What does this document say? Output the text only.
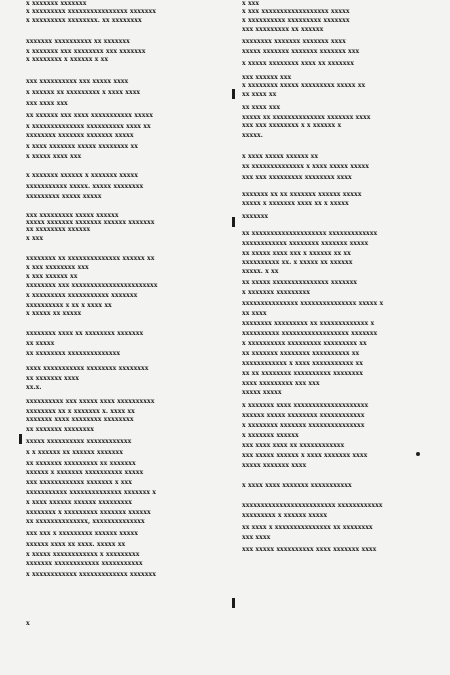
x xxxxxxx xxxxxxx
x xxxxxxxxx xxxxxxxxxxxxxxxx xxxxxxx
x xxxxxxxxx xxxxxxxx. xx xxxxxxxx
xxxxxxx xxxxxxxxxx xx xxxxxxx
x xxxxxxx xxx xxxxxxxx xxx xxxxxxx
x xxxxxxxx x xxxxxx x xx
xxx xxxxxxxxxx xxx xxxxx xxxx
x xxxxxx xx xxxxxxxxx x xxxx xxxx
xxx xxxx xxx
xx xxxxxx xxx xxxx xxxxxxxxxxx xxxxx
x xxxxxxxxxxxxxx xxxxxxxxxx xxxx xx
xxxxxxxx xxxxxxx xxxxxxx xxxxx
x xxxx xxxxxxx xxxxx xxxxxxxx xx
x xxxxx xxxx xxx
x xxxxxxx xxxxxx x xxxxxxx xxxxx
xxxxxxxxxxx xxxxx. xxxxx xxxxxxxx
xxxxxxxxx xxxxx xxxxx
xxx xxxxxxxxx xxxxx xxxxxx
xxxxx xxxxxxx xxxxxxx xxxxxx xxxxxxx
xx xxxxxxxx xxxxxx
x xxx
xxxxxxxx xx xxxxxxxxxxxxxx xxxxxx xx
x xxx xxxxxxxx xxx
x xxx xxxxxx xx
xxxxxxxx xxx xxxxxxxxxxxxxxxxxxxxxxx
x xxxxxxxxx xxxxxxxxxxx xxxxxxx
xxxxxxxxxx x xx x xxxx xx
x xxxxx xx xxxxx
xxxxxxxx xxxx xx xxxxxxxx xxxxxxx
xx xxxxx
xx xxxxxxxx xxxxxxxxxxxxxx
xxxx xxxxxxxxxxx xxxxxxxx xxxxxxxx
xx xxxxxxx xxxx
xx.x.
xxxxxxxxxx xxx xxxxx xxxx xxxxxxxxxx
xxxxxxxx xx x xxxxxxx x. xxxx xx
xxxxxxx xxxx xxxxxxxx xxxxxxxx
xx xxxxxxx xxxxxxxx
xxxxx xxxxxxxxxx xxxxxxxxxxxx
x x xxxxxx xx xxxxxx xxxxxxx
xx xxxxxxx xxxxxxxxx xx xxxxxxx
xxxxxx x xxxxxxx xxxxxxxxxx xxxxx
xxx xxxxxxxxxxxx xxxxxxx x xxx
xxxxxxxxxxx xxxxxxxxxxxxxx xxxxxxx x
x xxxx xxxxxx xxxxxx xxxxxxxxx
xxxxxxxx x xxxxxxxxx xxxxxxx xxxxxx
xx xxxxxxxxxxxxxx, xxxxxxxxxxxxxx
xxx xxx x xxxxxxxxx xxxxxx xxxxx
xxxxxx xxxx xx xxxx. xxxxx xx
x xxxxx xxxxxxxxxxxx x xxxxxxxxx
xxxxxxx xxxxxxxxxxxx xxxxxxxxxxx
x xxxxxxxxxxxx xxxxxxxxxxxxx xxxxxxx
x
x xxx
x xxx xxxxxxxxxxxxxxxxxx xxxxx
x xxxxxxxxxx xxxxxxxxx xxxxxxx
xxx xxxxxxxxx xx xxxxxx
xxxxxxxx xxxxxxx xxxxxxx xxxx
xxxxx xxxxxxx xxxxxxx xxxxxxx xxx
x xxxxx xxxxxxxx xxxx xx xxxxxxx
xxx xxxxxx xxx
x xxxxxxxx xxxxx xxxxxxxxx xxxxx xx
xx xxxx xx
xx xxxx xxx
xxxxx xx xxxxxxxxxxxxxx xxxxxxx xxxx
xxx xxx xxxxxxxx x x xxxxxx x
xxxxx.
x xxxx xxxxx xxxxxx xx
xx xxxxxxxxxxxxxx x xxxx xxxxx xxxxx
xxx xxx xxxxxxxxx xxxxxxxx xxxx
xxxxxxx xx xx xxxxxxx xxxxxx xxxxx
xxxxx x xxxxxxx xxxx xx x xxxxx
xxxxxxx
xx xxxxxxxxxxxxxxxxxxxx xxxxxxxxxxxxx
xxxxxxxxxxxx xxxxxxxx xxxxxxx xxxxx
xx xxxxx xxxx xxx x xxxxxx xx xx
xxxxxxxxxx xx. x xxxxx xx xxxxxx
xxxxx. x xx
xx xxxxx xxxxxxxxxxxxxxx xxxxxxx
x xxxxxxx xxxxxxxxx
xxxxxxxxxxxxxxx xxxxxxxxxxxxxxx xxxxx x
xx xxxx
xxxxxxxx xxxxxxxxx xx xxxxxxxxxxxxx x
xxxxxxxxxx xxxxxxxxxxxxxxxxxx xxxxxxx
x xxxxxxxxxx xxxxxxxxx xxxxxxxxx xx
xx xxxxxxx xxxxxxxx xxxxxxxxxx xx
xxxxxxxxxxxx x xxxx xxxxxxxxxxx xx
xx xx xxxxxxxx xxxxxxxxxx xxxxxxxx
xxxx xxxxxxxxx xxx xxx
xxxxx xxxxx
x xxxxxxx xxxx xxxxxxxxxxxxxxxxxxxx
xxxxxx xxxxx xxxxxxxx xxxxxxxxxxxx
x xxxxxxxx xxxxxxx xxxxxxxxxxxxxxx
x xxxxxxx xxxxxx
xxx xxxx xxxx xx xxxxxxxxxxxx
xxx xxxxx xxxxxx x xxxx xxxxxxx xxxx
xxxxx xxxxxxx xxxx
x xxxx xxxx xxxxxxx xxxxxxxxxxx
xxxxxxxxxxxxxxxxxxxxxxxxx xxxxxxxxxxxx
xxxxxxxxx x xxxxxx xxxxx
xx xxxx x xxxxxxxxxxxxxxx xx xxxxxxxx
xxx xxxx
xxx xxxxx xxxxxxxxxx xxxx xxxxxxx xxxx
